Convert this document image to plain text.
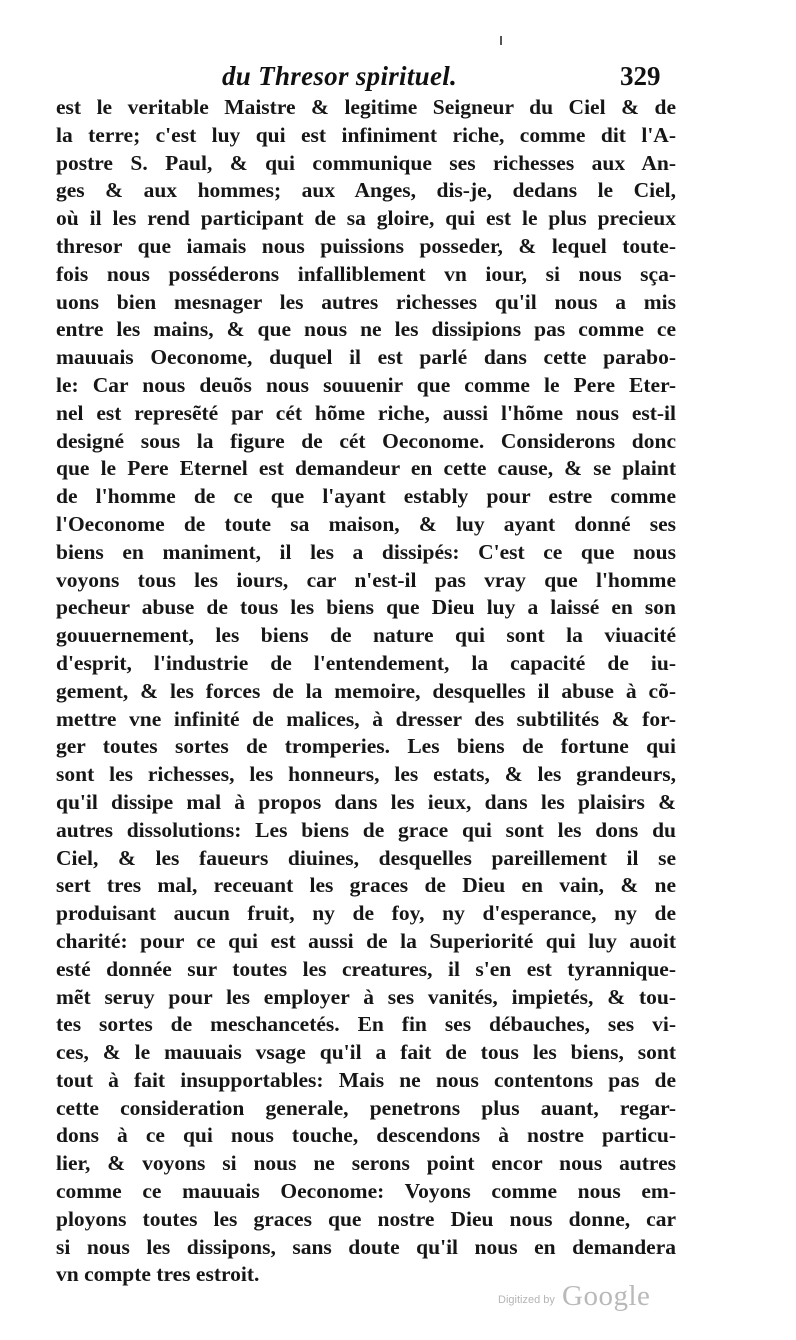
du Thresor spirituel.	329
est le veritable Maistre & legitime Seigneur du Ciel & de
la terre; c'est luy qui est infiniment riche, comme dit l'A-
postre S. Paul, & qui communique ses richesses aux An-
ges & aux hommes; aux Anges, dis-je, dedans le Ciel,
où il les rend participant de sa gloire, qui est le plus precieux
thresor que iamais nous puissions posseder, & lequel toute-
fois nous posséderons infalliblement vn iour, si nous sça-
uons bien mesnager les autres richesses qu'il nous a mis
entre les mains, & que nous ne les dissipions pas comme ce
mauuais Oeconome, duquel il est parlé dans cette parabo-
le: Car nous deuõs nous souuenir que comme le Pere Eter-
nel est represẽté par cét hõme riche, aussi l'hõme nous est-il
designé sous la figure de cét Oeconome. Considerons donc
que le Pere Eternel est demandeur en cette cause, & se plaint
de l'homme de ce que l'ayant estably pour estre comme
l'Oeconome de toute sa maison, & luy ayant donné ses
biens en maniment, il les a dissipés: C'est ce que nous
voyons tous les iours, car n'est-il pas vray que l'homme
pecheur abuse de tous les biens que Dieu luy a laissé en son
gouuernement, les biens de nature qui sont la viuacité
d'esprit, l'industrie de l'entendement, la capacité de iu-
gement, & les forces de la memoire, desquelles il abuse à cõ-
mettre vne infinité de malices, à dresser des subtilités & for-
ger toutes sortes de tromperies. Les biens de fortune qui
sont les richesses, les honneurs, les estats, & les grandeurs,
qu'il dissipe mal à propos dans les ieux, dans les plaisirs &
autres dissolutions: Les biens de grace qui sont les dons du
Ciel, & les faueurs diuines, desquelles pareillement il se
sert tres mal, receuant les graces de Dieu en vain, & ne
produisant aucun fruit, ny de foy, ny d'esperance, ny de
charité: pour ce qui est aussi de la Superiorité qui luy auoit
esté donnée sur toutes les creatures, il s'en est tyrannique-
mẽt seruy pour les employer à ses vanités, impietés, & tou-
tes sortes de meschancetés. En fin ses débauches, ses vi-
ces, & le mauuais vsage qu'il a fait de tous les biens, sont
tout à fait insupportables: Mais ne nous contentons pas de
cette consideration generale, penetrons plus auant, regar-
dons à ce qui nous touche, descendons à nostre particu-
lier, & voyons si nous ne serons point encor nous autres
comme ce mauuais Oeconome: Voyons comme nous em-
ployons toutes les graces que nostre Dieu nous donne, car
si nous les dissipons, sans doute qu'il nous en demandera
vn compte tres estroit.
Digitized by Google
